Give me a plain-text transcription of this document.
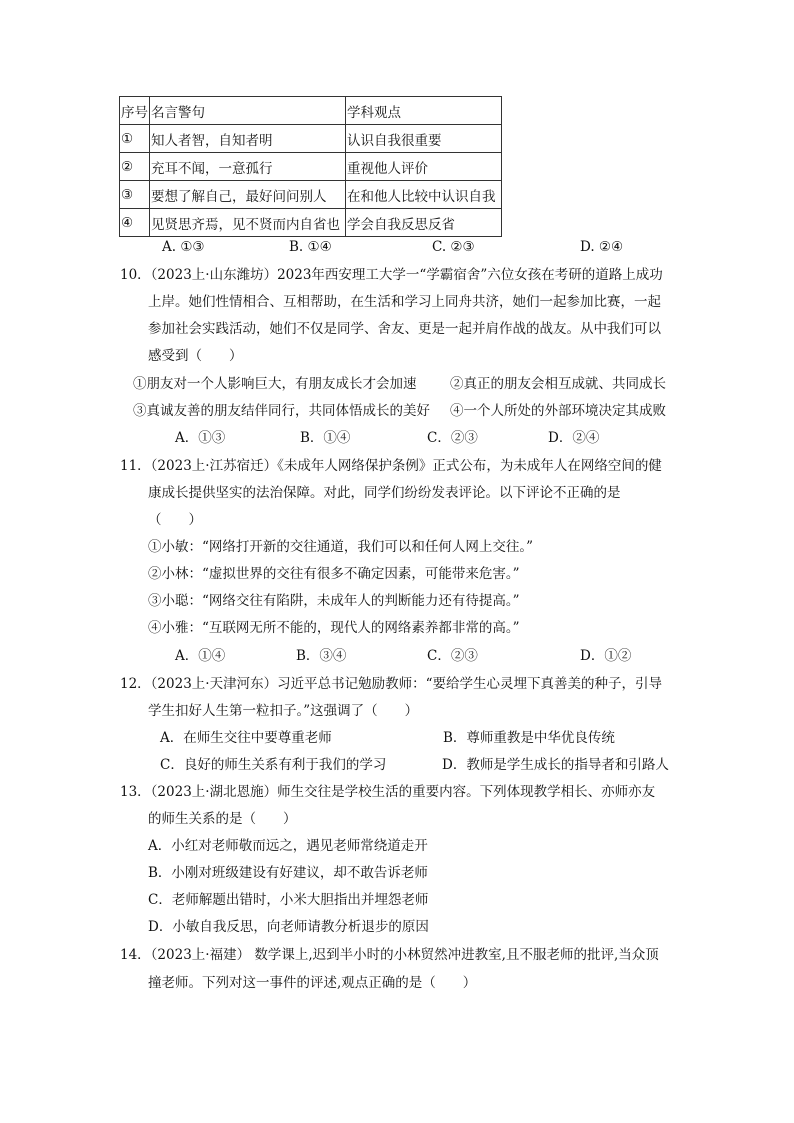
序号	名言警句	学科观点
①	知人者智，自知者明	认识自我很重要
②	充耳不闻，一意孤行	重视他人评价
③	要想了解自己，最好问问别人	在和他人比较中认识自我
④	见贤思齐焉，见不贤而内自省也	学会自我反思反省
A. ①③	B. ①④	C. ②③	D. ②④
10．（2023上·山东潍坊）2023年西安理工大学一“学霸宿舍”六位女孩在考研的道路上成功
上岸。她们性情相合、互相帮助，在生活和学习上同舟共济，她们一起参加比赛，一起
参加社会实践活动，她们不仅是同学、舍友、更是一起并肩作战的战友。从中我们可以
感受到（　　）
①朋友对一个人影响巨大，有朋友成长才会加速 ②真正的朋友会相互成就、共同成长
③真诚友善的朋友结伴同行，共同体悟成长的美好 ④一个人所处的外部环境决定其成败
A．①③	B．①④	C．②③	D．②④
11．（2023上·江苏宿迁）《未成年人网络保护条例》正式公布，为未成年人在网络空间的健
康成长提供坚实的法治保障。对此，同学们纷纷发表评论。以下评论不正确的是
（　　）
①小敏：“网络打开新的交往通道，我们可以和任何人网上交往。”
②小林：“虚拟世界的交往有很多不确定因素，可能带来危害。”
③小聪：“网络交往有陷阱，未成年人的判断能力还有待提高。”
④小雅：“互联网无所不能的，现代人的网络素养都非常的高。”
A．①④	B．③④	C．②③	D．①②
12．（2023上·天津河东）习近平总书记勉励教师：“要给学生心灵埋下真善美的种子，引导
学生扣好人生第一粒扣子。”这强调了（　　）
A．在师生交往中要尊重老师	B．尊师重教是中华优良传统
C．良好的师生关系有利于我们的学习	D．教师是学生成长的指导者和引路人
13．（2023上·湖北恩施）师生交往是学校生活的重要内容。下列体现教学相长、亦师亦友
的师生关系的是（　　）
A．小红对老师敬而远之，遇见老师常绕道走开
B．小刚对班级建设有好建议，却不敢告诉老师
C．老师解题出错时，小米大胆指出并埋怨老师
D．小敏自我反思，向老师请教分析退步的原因
14．（2023上·福建） 数学课上,迟到半小时的小林贸然冲进教室,且不服老师的批评,当众顶
撞老师。下列对这一事件的评述,观点正确的是（　　）
